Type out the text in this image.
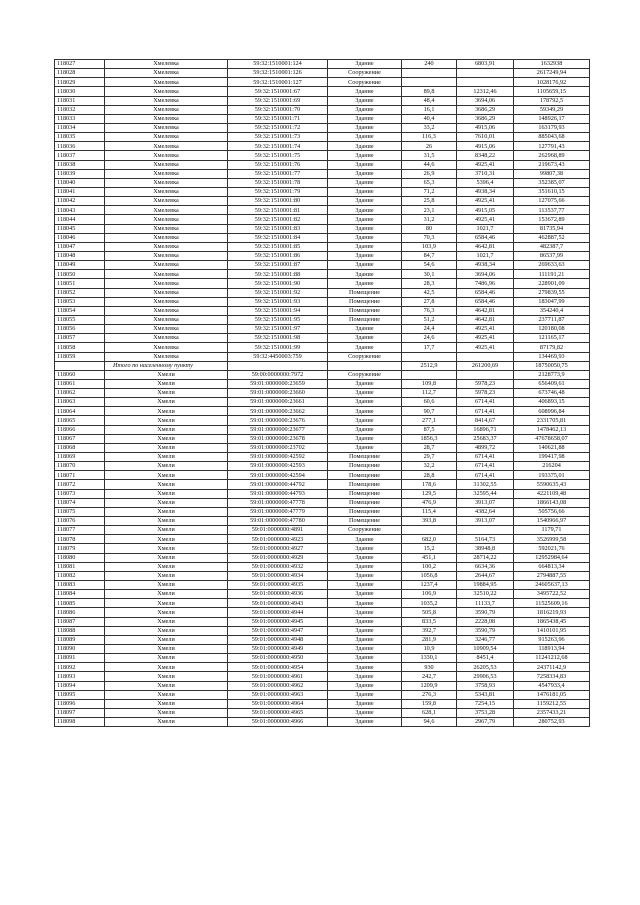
118027	Хмелевка	59:32:1510001:124	Здание	240	6803,91	1632938
118028	Хмелевка	59:32:1510001:126	Сооружение			2617249,94
118029	Хмелевка	59:32:1510001:127	Сооружение			1028176,92
118030	Хмелевка	59:32:1510001:67	Здание	89,8	12312,46	1105659,15
118031	Хмелевка	59:32:1510001:69	Здание	48,4	3694,06	178792,5
118032	Хмелевка	59:32:1510001:70	Здание	16,1	3686,29	59349,29
118033	Хмелевка	59:32:1510001:71	Здание	40,4	3686,29	148926,17
118034	Хмелевка	59:32:1510001:72	Здание	33,2	4915,06	163179,93
118035	Хмелевка	59:32:1510001:73	Здание	116,3	7610,01	885043,68
118036	Хмелевка	59:32:1510001:74	Здание	26	4915,06	127791,43
118037	Хмелевка	59:32:1510001:75	Здание	31,5	8348,22	262968,89
118038	Хмелевка	59:32:1510001:76	Здание	44,6	4925,41	219673,43
118039	Хмелевка	59:32:1510001:77	Здание	26,9	3710,31	99807,38
118040	Хмелевка	59:32:1510001:78	Здание	65,3	5396,4	352385,07
118041	Хмелевка	59:32:1510001:79	Здание	71,2	4938,34	351610,15
118042	Хмелевка	59:32:1510001:80	Здание	25,8	4925,41	127075,66
118043	Хмелевка	59:32:1510001:81	Здание	23,1	4915,05	113537,77
118044	Хмелевка	59:32:1510001:82	Здание	31,2	4925,41	153672,89
118045	Хмелевка	59:32:1510001:83	Здание	80	1021,7	81735,94
118046	Хмелевка	59:32:1510001:84	Здание	70,3	6584,46	462887,52
118047	Хмелевка	59:32:1510001:85	Здание	103,9	4642,81	482387,7
118048	Хмелевка	59:32:1510001:86	Здание	84,7	1021,7	86537,99
118049	Хмелевка	59:32:1510001:87	Здание	54,6	4938,34	269633,63
118050	Хмелевка	59:32:1510001:88	Здание	30,1	3694,06	111191,21
118051	Хмелевка	59:32:1510001:90	Здание	28,3	7486,96	228901,09
118052	Хмелевка	59:32:1510001:92	Помещение	42,5	6584,46	279839,55
118053	Хмелевка	59:32:1510001:93	Помещение	27,8	6584,46	183047,99
118054	Хмелевка	59:32:1510001:94	Помещение	76,3	4642,81	354240,4
118055	Хмелевка	59:32:1510001:95	Помещение	51,2	4642,81	237711,87
118056	Хмелевка	59:32:1510001:97	Здание	24,4	4925,41	120180,08
118057	Хмелевка	59:32:1510001:98	Здание	24,6	4925,41	121165,17
118058	Хмелевка	59:32:1510001:99	Здание	17,7	4925,41	87179,82
118059	Хмелевка	59:32:4450003:759	Сооружение			134469,93
	Итого по населенному пункту			2512,9	261200,69	18750050,75
118060	Хмели	59:00:0000000:7972	Сооружение			2128773,9
118061	Хмели	59:01:0000000:23659	Здание	109,8	5978,23	656409,61
118062	Хмели	59:01:0000000:23660	Здание	112,7	5978,23	673746,48
118063	Хмели	59:01:0000000:23661	Здание	60,6	6714,41	406893,15
118064	Хмели	59:01:0000000:23662	Здание	90,7	6714,41	608996,84
118065	Хмели	59:01:0000000:23676	Здание	277,1	8414,67	2331705,81
118066	Хмели	59:01:0000000:23677	Здание	87,5	16896,71	1478462,13
118067	Хмели	59:01:0000000:23678	Здание	1856,3	25683,37	47678658,07
118068	Хмели	59:01:0000000:23702	Здание	28,7	4899,72	140621,88
118069	Хмели	59:01:0000000:42592	Помещение	29,7	6714,41	199417,98
118070	Хмели	59:01:0000000:42593	Помещение	32,2	6714,41	216204
118071	Хмели	59:01:0000000:42594	Помещение	28,8	6714,41	193375,01
118072	Хмели	59:01:0000000:44792	Помещение	178,6	31302,55	5590635,43
118073	Хмели	59:01:0000000:44793	Помещение	129,5	32595,44	4221109,48
118074	Хмели	59:01:0000000:47778	Помещение	476,9	3913,07	1866143,08
118075	Хмели	59:01:0000000:47779	Помещение	115,4	4382,64	505756,66
118076	Хмели	59:01:0000000:47780	Помещение	393,8	3913,07	1540966,97
118077	Хмели	59:01:0000000:4891	Сооружение			1179,71
118078	Хмели	59:01:0000000:4923	Здание	682,0	5164,73	3526999,58
118079	Хмели	59:01:0000000:4927	Здание	15,2	38948,8	592021,76
118080	Хмели	59:01:0000000:4929	Здание	451,1	28714,22	12952984,64
118081	Хмели	59:01:0000000:4932	Здание	100,2	6634,36	664813,34
118082	Хмели	59:01:0000000:4934	Здание	1056,8	2644,67	2794887,55
118083	Хмели	59:01:0000000:4935	Здание	1237,4	19884,95	24605637,13
118084	Хмели	59:01:0000000:4936	Здание	106,9	32510,22	3495722,52
118085	Хмели	59:01:0000000:4943	Здание	1035,2	11133,7	11525609,16
118086	Хмели	59:01:0000000:4944	Здание	505,8	3590,79	1816219,93
118087	Хмели	59:01:0000000:4945	Здание	833,5	2228,08	1865438,45
118088	Хмели	59:01:0000000:4947	Здание	392,7	3590,79	1410101,95
118089	Хмели	59:01:0000000:4948	Здание	281,9	3246,77	915263,96
118090	Хмели	59:01:0000000:4949	Здание	10,9	10909,54	118913,94
118091	Хмели	59:01:0000000:4950	Здание	1330,1	8451,4	11241212,68
118092	Хмели	59:01:0000000:4954	Здание	930	26205,53	24371142,9
118093	Хмели	59:01:0000000:4961	Здание	242,7	29906,53	7258334,83
118094	Хмели	59:01:0000000:4962	Здание	1209,9	3758,93	4547933,4
118095	Хмели	59:01:0000000:4963	Здание	276,3	5343,81	1476181,05
118096	Хмели	59:01:0000000:4964	Здание	159,8	7254,15	1159212,55
118097	Хмели	59:01:0000000:4965	Здание	628,1	3753,28	2357433,21
118098	Хмели	59:01:0000000:4966	Здание	94,6	2967,79	280752,93
